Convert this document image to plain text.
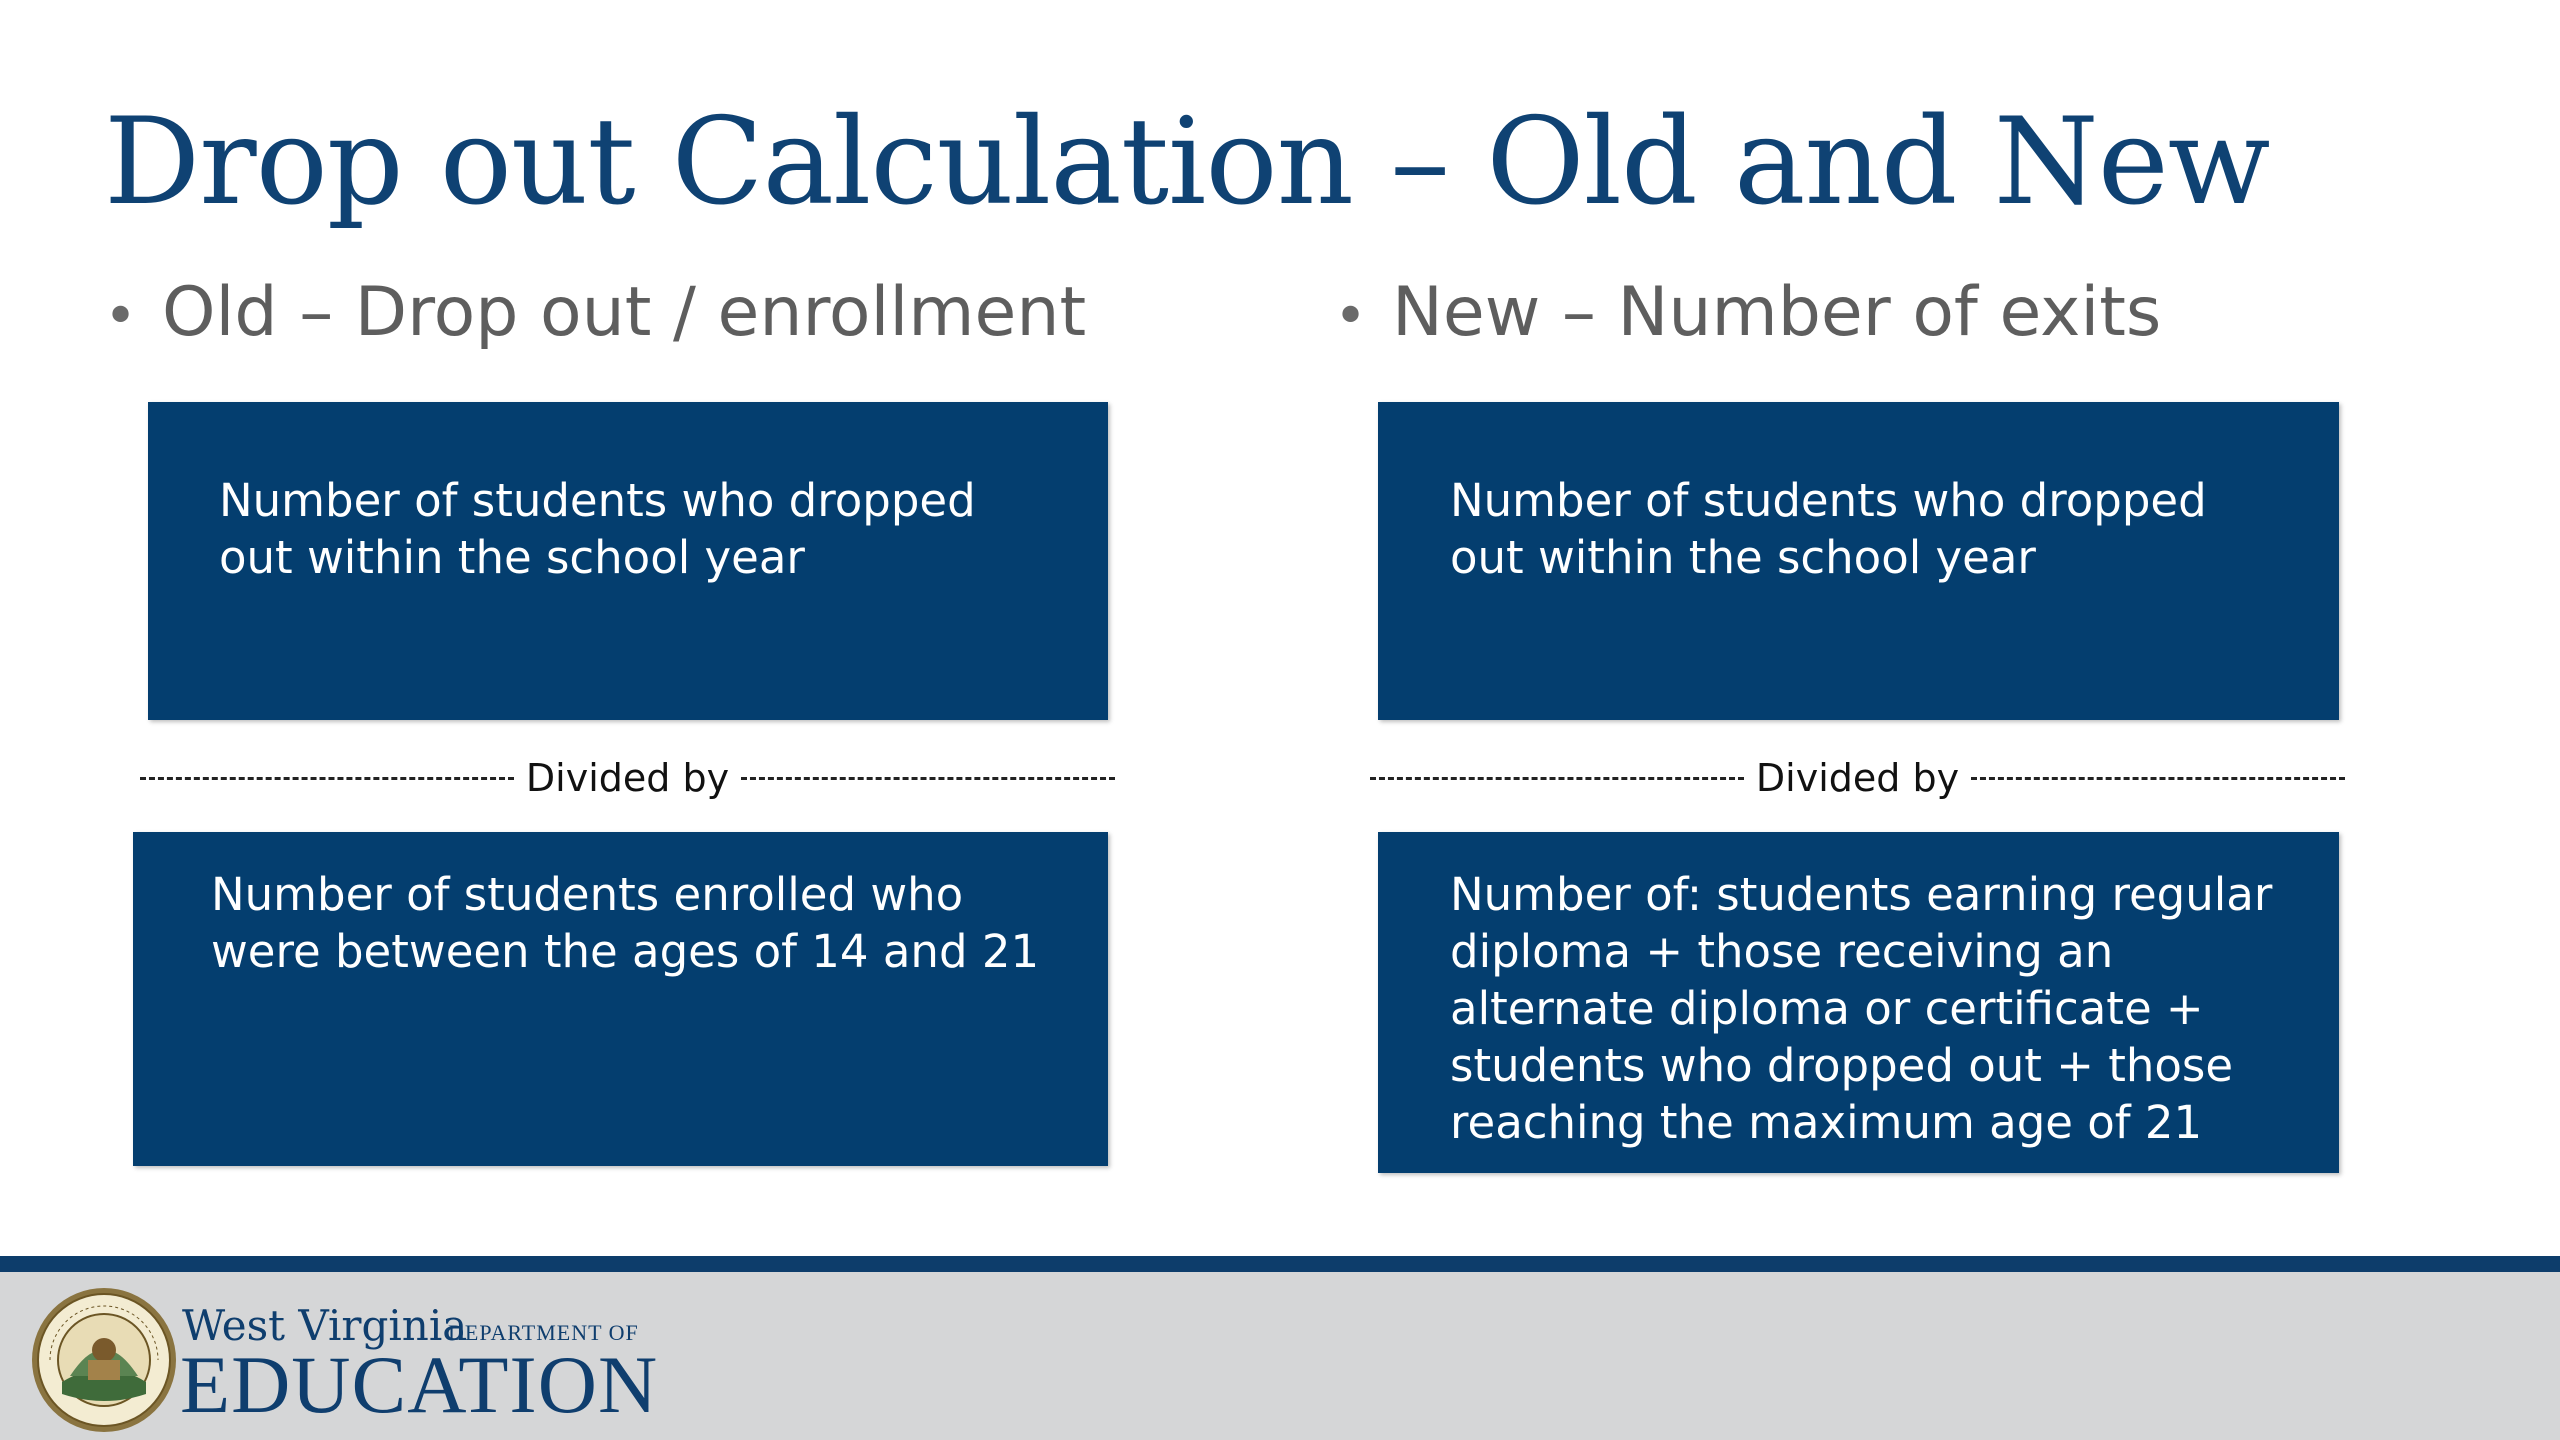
Drop out Calculation – Old and New
• Old – Drop out / enrollment	• New – Number of exits

Number of students who dropped out within the school year

Number of students who dropped out within the school year

Divided by	Divided by

Number of students enrolled who were between the ages of 14 and 21

Number of: students earning regular diploma + those receiving an alternate diploma or certificate + students who dropped out + those reaching the maximum age of 21

West Virginia
DEPARTMENT OF
EDUCATION
